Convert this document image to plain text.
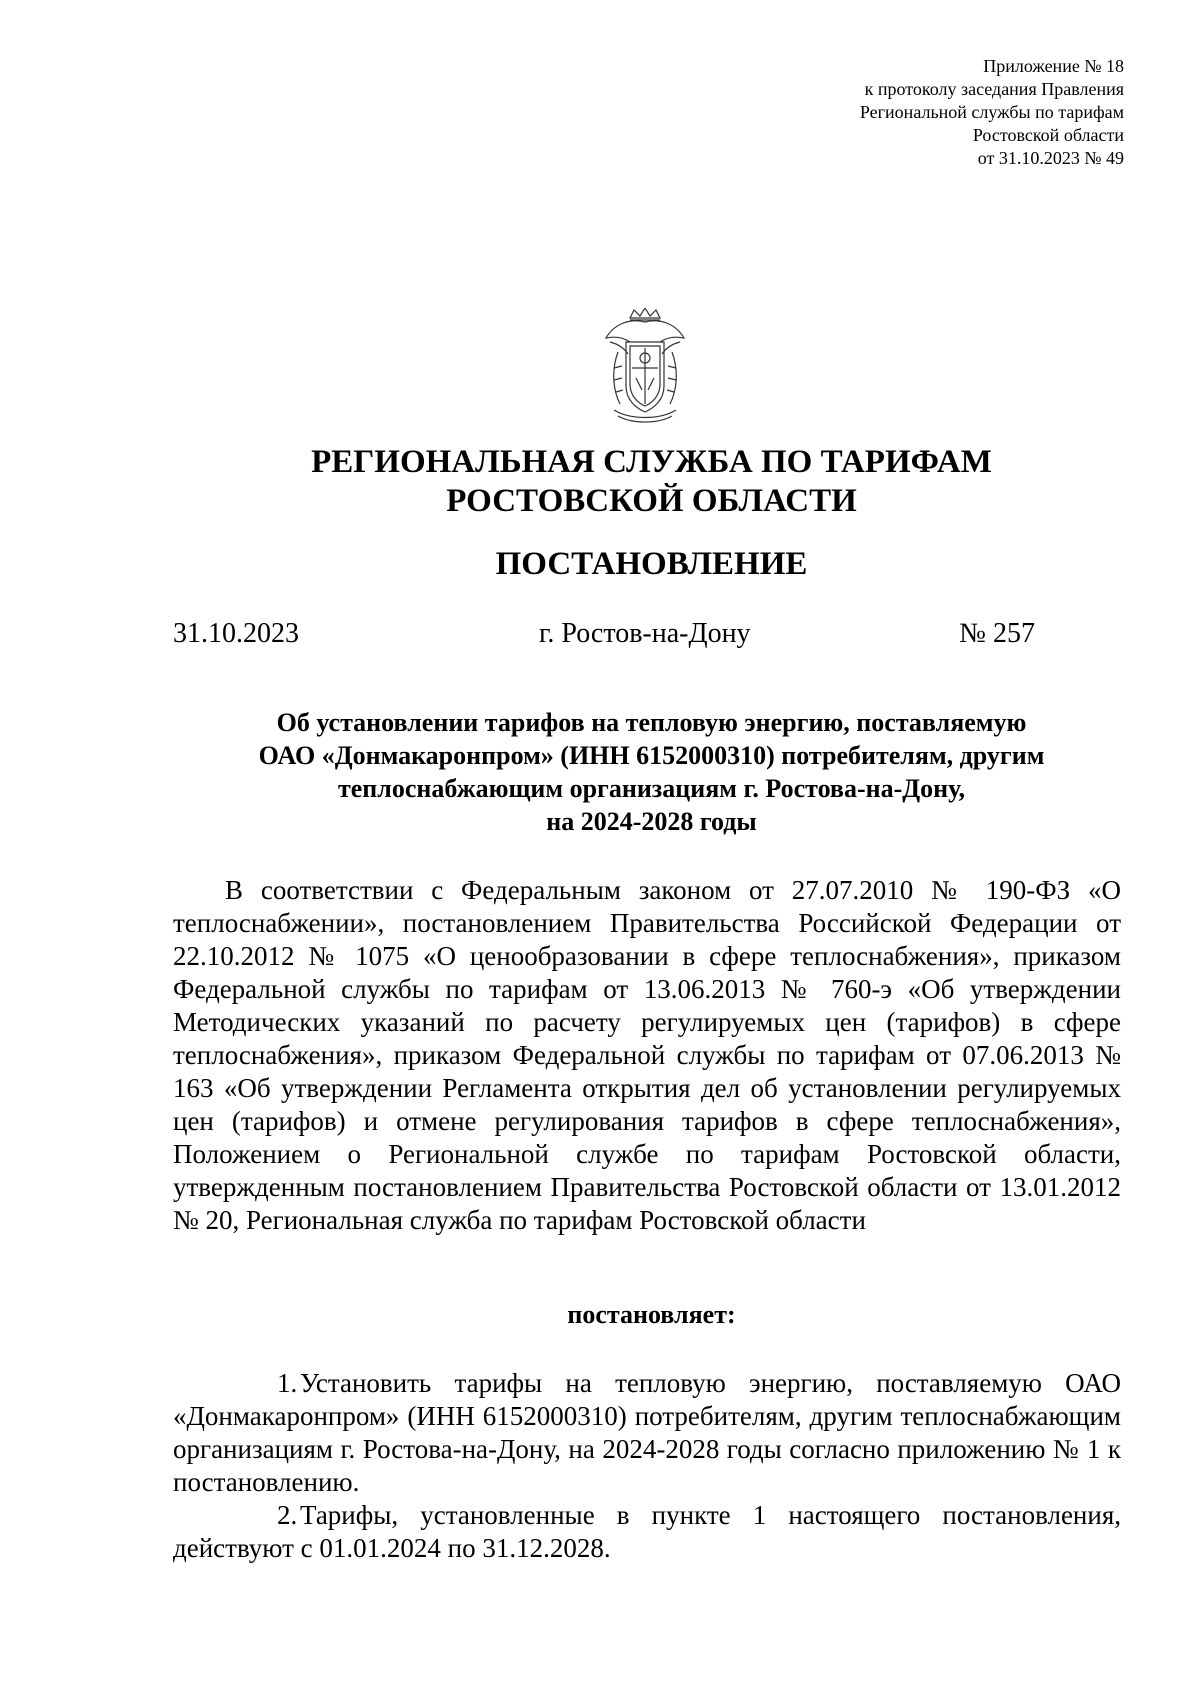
Приложение № 18
к протоколу заседания Правления
Региональной службы по тарифам
Ростовской области
от 31.10.2023 № 49
РЕГИОНАЛЬНАЯ СЛУЖБА ПО ТАРИФАМ
РОСТОВСКОЙ ОБЛАСТИ
ПОСТАНОВЛЕНИЕ
31.10.2023	г. Ростов-на-Дону	№ 257
Об установлении тарифов на тепловую энергию, поставляемую
ОАО «Донмакаронпром» (ИНН 6152000310) потребителям, другим
теплоснабжающим организациям г. Ростова-на-Дону,
на 2024-2028 годы

В соответствии с Федеральным законом от 27.07.2010 № 190-ФЗ «О теплоснабжении», постановлением Правительства Российской Федерации от 22.10.2012 № 1075 «О ценообразовании в сфере теплоснабжения», приказом Федеральной службы по тарифам от 13.06.2013 № 760-э «Об утверждении Методических указаний по расчету регулируемых цен (тарифов) в сфере теплоснабжения», приказом Федеральной службы по тарифам от 07.06.2013 № 163 «Об утверждении Регламента открытия дел об установлении регулируемых цен (тарифов) и отмене регулирования тарифов в сфере теплоснабжения», Положением о Региональной службе по тарифам Ростовской области, утвержденным постановлением Правительства Ростовской области от 13.01.2012 № 20, Региональная служба по тарифам Ростовской области

постановляет:

1. Установить тарифы на тепловую энергию, поставляемую ОАО «Донмакаронпром» (ИНН 6152000310) потребителям, другим теплоснабжающим организациям г. Ростова-на-Дону, на 2024-2028 годы согласно приложению № 1 к постановлению.

2. Тарифы, установленные в пункте 1 настоящего постановления, действуют с 01.01.2024 по 31.12.2028.
